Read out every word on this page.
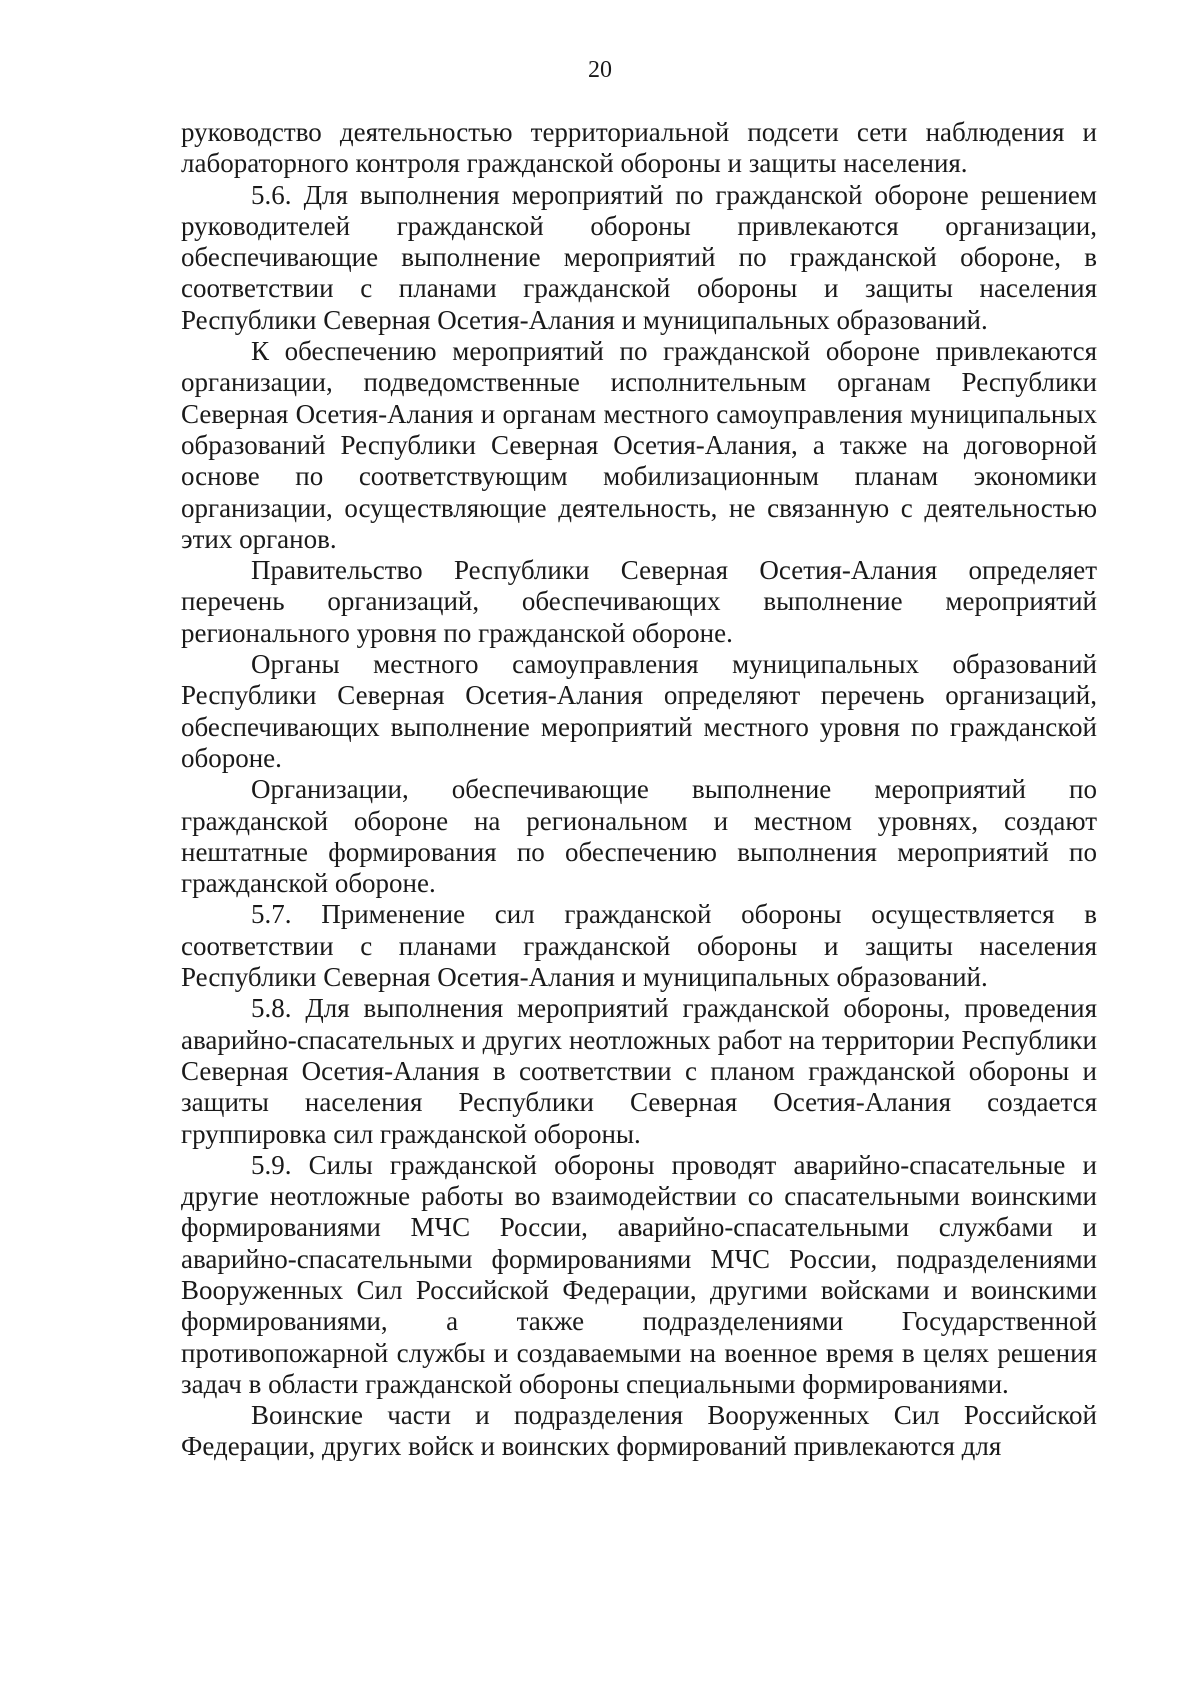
20

руководство деятельностью территориальной подсети сети наблюдения и лабораторного контроля гражданской обороны и защиты населения.

5.6. Для выполнения мероприятий по гражданской обороне решением руководителей гражданской обороны привлекаются организации, обеспечивающие выполнение мероприятий по гражданской обороне, в соответствии с планами гражданской обороны и защиты населения Республики Северная Осетия-Алания и муниципальных образований.

К обеспечению мероприятий по гражданской обороне привлекаются организации, подведомственные исполнительным органам Республики Северная Осетия-Алания и органам местного самоуправления муниципальных образований Республики Северная Осетия-Алания, а также на договорной основе по соответствующим мобилизационным планам экономики организации, осуществляющие деятельность, не связанную с деятельностью этих органов.

Правительство Республики Северная Осетия-Алания определяет перечень организаций, обеспечивающих выполнение мероприятий регионального уровня по гражданской обороне.

Органы местного самоуправления муниципальных образований Республики Северная Осетия-Алания определяют перечень организаций, обеспечивающих выполнение мероприятий местного уровня по гражданской обороне.

Организации, обеспечивающие выполнение мероприятий по гражданской обороне на региональном и местном уровнях, создают нештатные формирования по обеспечению выполнения мероприятий по гражданской обороне.

5.7. Применение сил гражданской обороны осуществляется в соответствии с планами гражданской обороны и защиты населения Республики Северная Осетия-Алания и муниципальных образований.

5.8. Для выполнения мероприятий гражданской обороны, проведения аварийно-спасательных и других неотложных работ на территории Республики Северная Осетия-Алания в соответствии с планом гражданской обороны и защиты населения Республики Северная Осетия-Алания создается группировка сил гражданской обороны.

5.9. Силы гражданской обороны проводят аварийно-спасательные и другие неотложные работы во взаимодействии со спасательными воинскими формированиями МЧС России, аварийно-спасательными службами и аварийно-спасательными формированиями МЧС России, подразделениями Вооруженных Сил Российской Федерации, другими войсками и воинскими формированиями, а также подразделениями Государственной противопожарной службы и создаваемыми на военное время в целях решения задач в области гражданской обороны специальными формированиями.

Воинские части и подразделения Вооруженных Сил Российской Федерации, других войск и воинских формирований привлекаются для
